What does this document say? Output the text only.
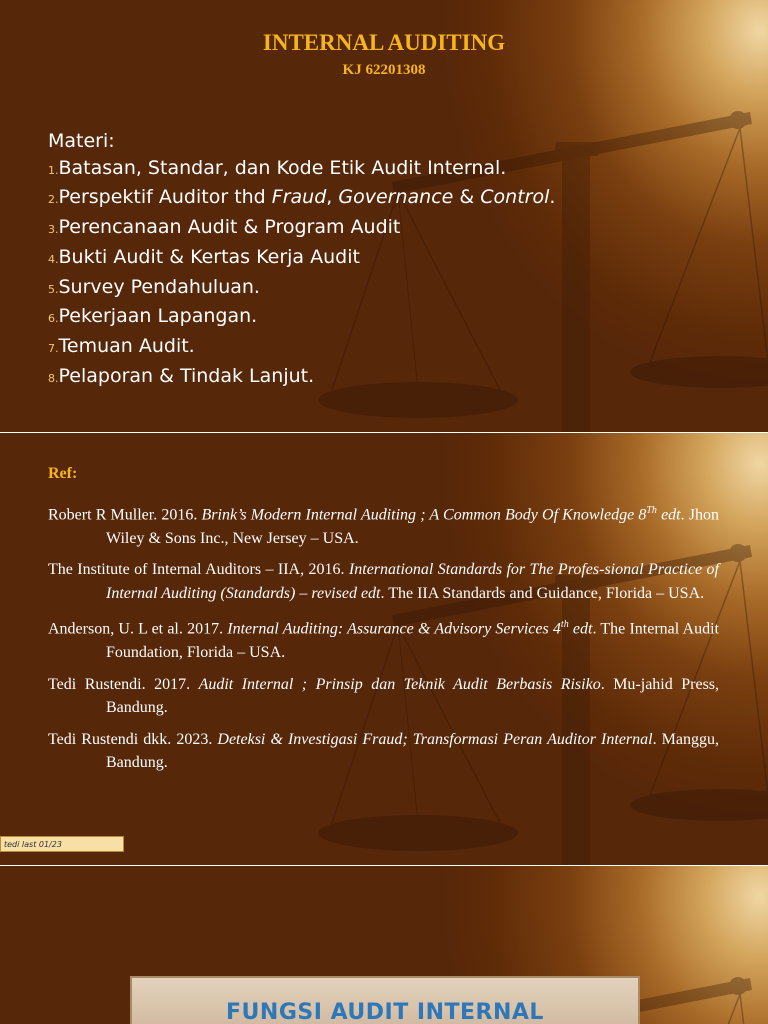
INTERNAL AUDITING
KJ 62201308
Materi:
1.Batasan, Standar, dan Kode Etik Audit Internal.
2.Perspektif Auditor thd Fraud, Governance & Control.
3.Perencanaan Audit & Program Audit
4.Bukti Audit & Kertas Kerja Audit
5.Survey Pendahuluan.
6.Pekerjaan Lapangan.
7.Temuan Audit.
8.Pelaporan & Tindak Lanjut.
Ref:
Robert R Muller. 2016. Brink’s Modern Internal Auditing ; A Common Body Of Knowledge 8Th edt. Jhon Wiley & Sons Inc., New Jersey – USA.
The Institute of Internal Auditors – IIA, 2016. International Standards for The Profes-sional Practice of Internal Auditing (Standards) – revised edt. The IIA Standards and Guidance, Florida – USA.
Anderson, U. L et al. 2017. Internal Auditing: Assurance & Advisory Services 4th edt. The Internal Audit Foundation, Florida – USA.
Tedi Rustendi. 2017. Audit Internal ; Prinsip dan Teknik Audit Berbasis Risiko. Mu-jahid Press, Bandung.
Tedi Rustendi dkk. 2023. Deteksi & Investigasi Fraud; Transformasi Peran Auditor Internal. Manggu, Bandung.
tedi last 01/23
FUNGSI AUDIT INTERNAL
